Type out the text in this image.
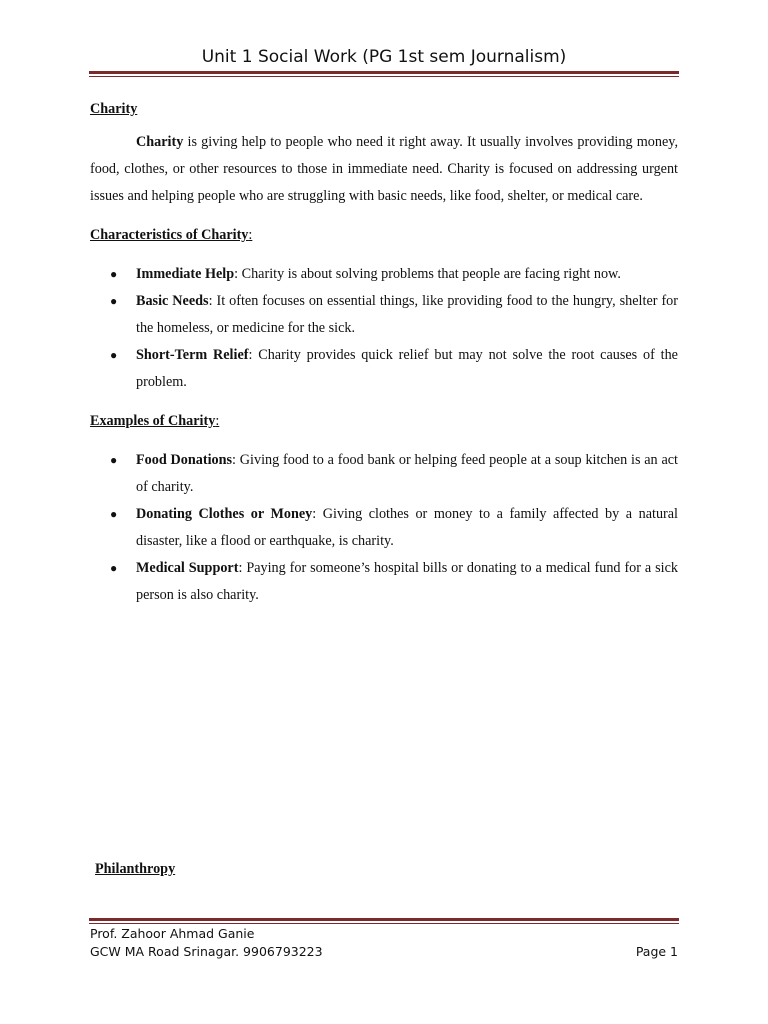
Unit 1 Social Work (PG 1st sem Journalism)

Charity

Charity is giving help to people who need it right away. It usually involves providing money, food, clothes, or other resources to those in immediate need. Charity is focused on addressing urgent issues and helping people who are struggling with basic needs, like food, shelter, or medical care.

Characteristics of Charity:

● Immediate Help: Charity is about solving problems that people are facing right now.
● Basic Needs: It often focuses on essential things, like providing food to the hungry, shelter for the homeless, or medicine for the sick.
● Short-Term Relief: Charity provides quick relief but may not solve the root causes of the problem.

Examples of Charity:

● Food Donations: Giving food to a food bank or helping feed people at a soup kitchen is an act of charity.
● Donating Clothes or Money: Giving clothes or money to a family affected by a natural disaster, like a flood or earthquake, is charity.
● Medical Support: Paying for someone’s hospital bills or donating to a medical fund for a sick person is also charity.
Philanthropy
Prof. Zahoor Ahmad Ganie
GCW MA Road Srinagar. 9906793223	Page 1
